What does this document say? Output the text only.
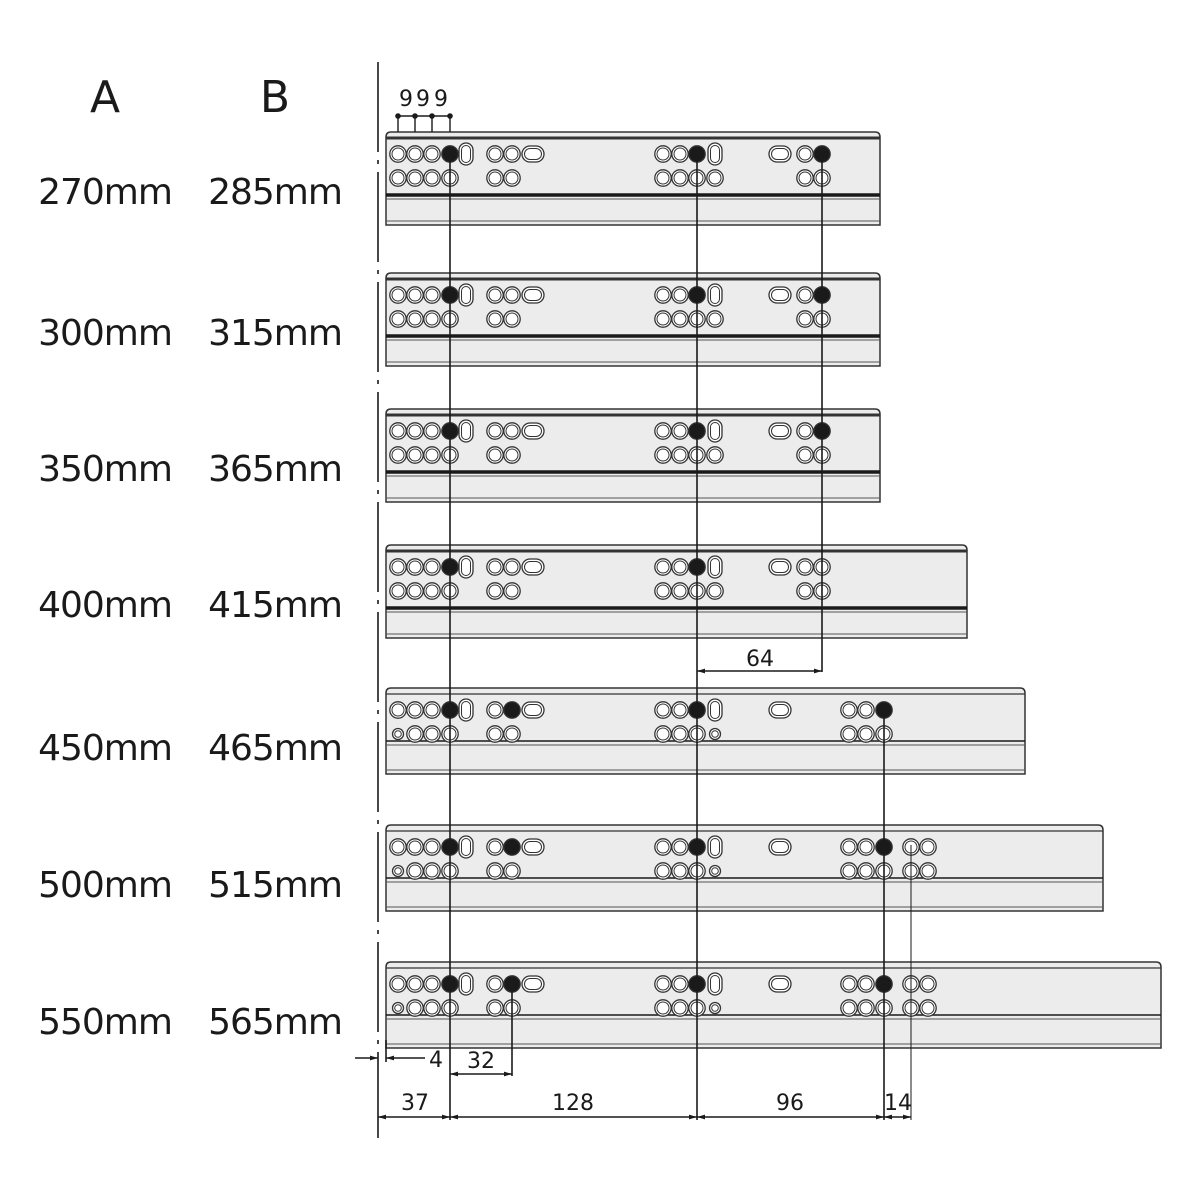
A	B
270mm	285mm
300mm	315mm
350mm	365mm
400mm	415mm
450mm	465mm
500mm	515mm
550mm	565mm
9 9 9
64
4 32
37	128	96	14
